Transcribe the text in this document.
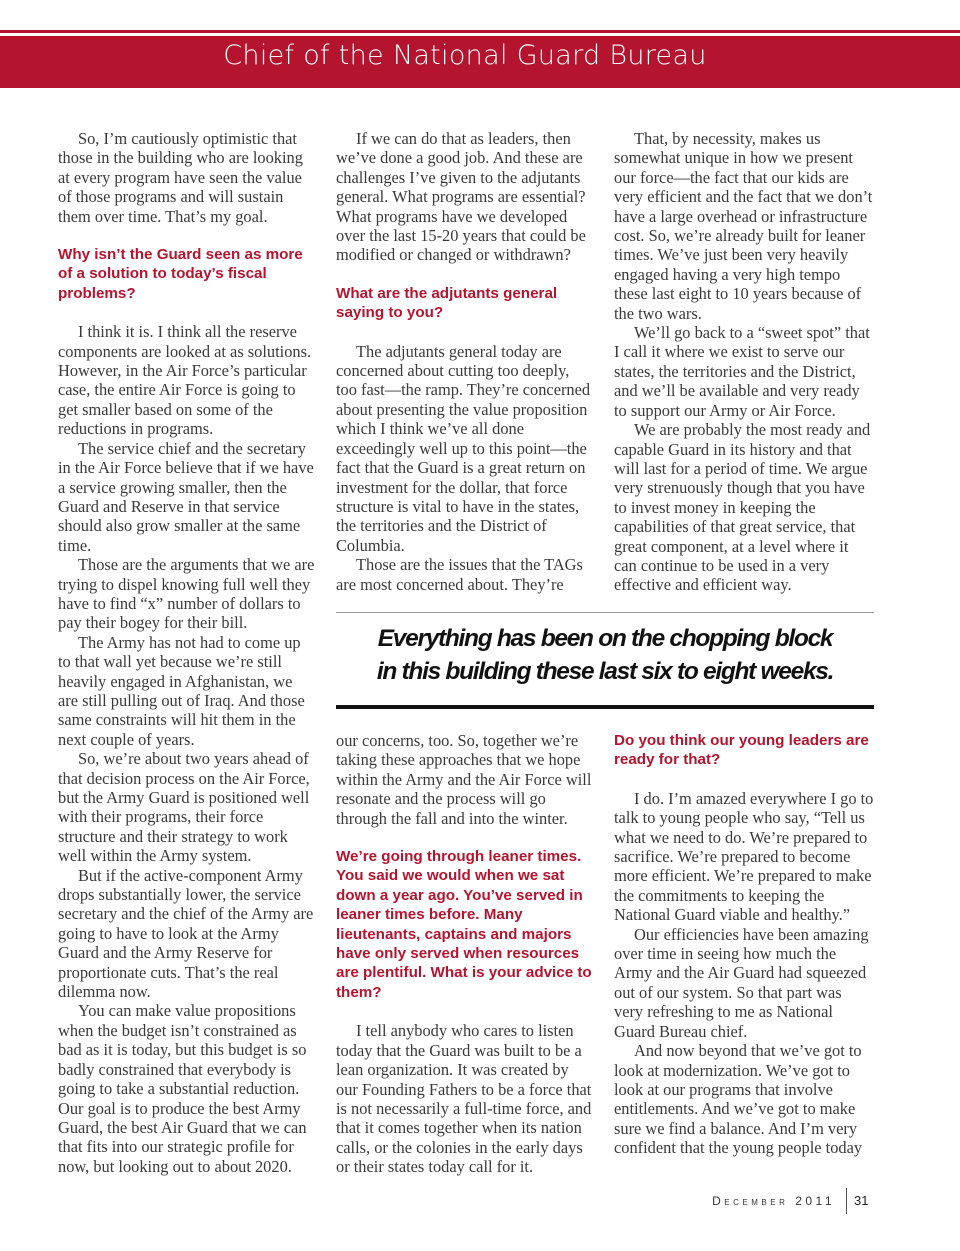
Chief of the National Guard Bureau

So, I’m cautiously optimistic that those in the building who are looking at every program have seen the value of those programs and will sustain them over time. That’s my goal.

Why isn’t the Guard seen as more of a solution to today’s fiscal problems?

I think it is. I think all the reserve components are looked at as solutions. However, in the Air Force’s particular case, the entire Air Force is going to get smaller based on some of the reductions in programs.

The service chief and the secretary in the Air Force believe that if we have a service growing smaller, then the Guard and Reserve in that service should also grow smaller at the same time.

Those are the arguments that we are trying to dispel knowing full well they have to find “x” number of dollars to pay their bogey for their bill.

The Army has not had to come up to that wall yet because we’re still heavily engaged in Afghanistan, we are still pulling out of Iraq. And those same constraints will hit them in the next couple of years.

So, we’re about two years ahead of that decision process on the Air Force, but the Army Guard is positioned well with their programs, their force structure and their strategy to work well within the Army system.

But if the active-component Army drops substantially lower, the service secretary and the chief of the Army are going to have to look at the Army Guard and the Army Reserve for proportionate cuts. That’s the real dilemma now.

You can make value propositions when the budget isn’t constrained as bad as it is today, but this budget is so badly constrained that everybody is going to take a substantial reduction. Our goal is to produce the best Army Guard, the best Air Guard that we can that fits into our strategic profile for now, but looking out to about 2020.

If we can do that as leaders, then we’ve done a good job. And these are challenges I’ve given to the adjutants general. What programs are essential? What programs have we developed over the last 15-20 years that could be modified or changed or withdrawn?

What are the adjutants general saying to you?

The adjutants general today are concerned about cutting too deeply, too fast—the ramp. They’re concerned about presenting the value proposition which I think we’ve all done exceedingly well up to this point—the fact that the Guard is a great return on investment for the dollar, that force structure is vital to have in the states, the territories and the District of Columbia.

Those are the issues that the TAGs are most concerned about. They’re

That, by necessity, makes us somewhat unique in how we present our force—the fact that our kids are very efficient and the fact that we don’t have a large overhead or infrastructure cost. So, we’re already built for leaner times. We’ve just been very heavily engaged having a very high tempo these last eight to 10 years because of the two wars.

We’ll go back to a “sweet spot” that I call it where we exist to serve our states, the territories and the District, and we’ll be available and very ready to support our Army or Air Force.

We are probably the most ready and capable Guard in its history and that will last for a period of time. We argue very strenuously though that you have to invest money in keeping the capabilities of that great service, that great component, at a level where it can continue to be used in a very effective and efficient way.

Everything has been on the chopping block
in this building these last six to eight weeks.

our concerns, too. So, together we’re taking these approaches that we hope within the Army and the Air Force will resonate and the process will go through the fall and into the winter.

We’re going through leaner times. You said we would when we sat down a year ago. You’ve served in leaner times before. Many lieutenants, captains and majors have only served when resources are plentiful. What is your advice to them?

I tell anybody who cares to listen today that the Guard was built to be a lean organization. It was created by our Founding Fathers to be a force that is not necessarily a full-time force, and that it comes together when its nation calls, or the colonies in the early days or their states today call for it.

Do you think our young leaders are ready for that?

I do. I’m amazed everywhere I go to talk to young people who say, “Tell us what we need to do. We’re prepared to sacrifice. We’re prepared to become more efficient. We’re prepared to make the commitments to keeping the National Guard viable and healthy.”

Our efficiencies have been amazing over time in seeing how much the Army and the Air Guard had squeezed out of our system. So that part was very refreshing to me as National Guard Bureau chief.

And now beyond that we’ve got to look at modernization. We’ve got to look at our programs that involve entitlements. And we’ve got to make sure we find a balance. And I’m very confident that the young people today

December 2011 31
